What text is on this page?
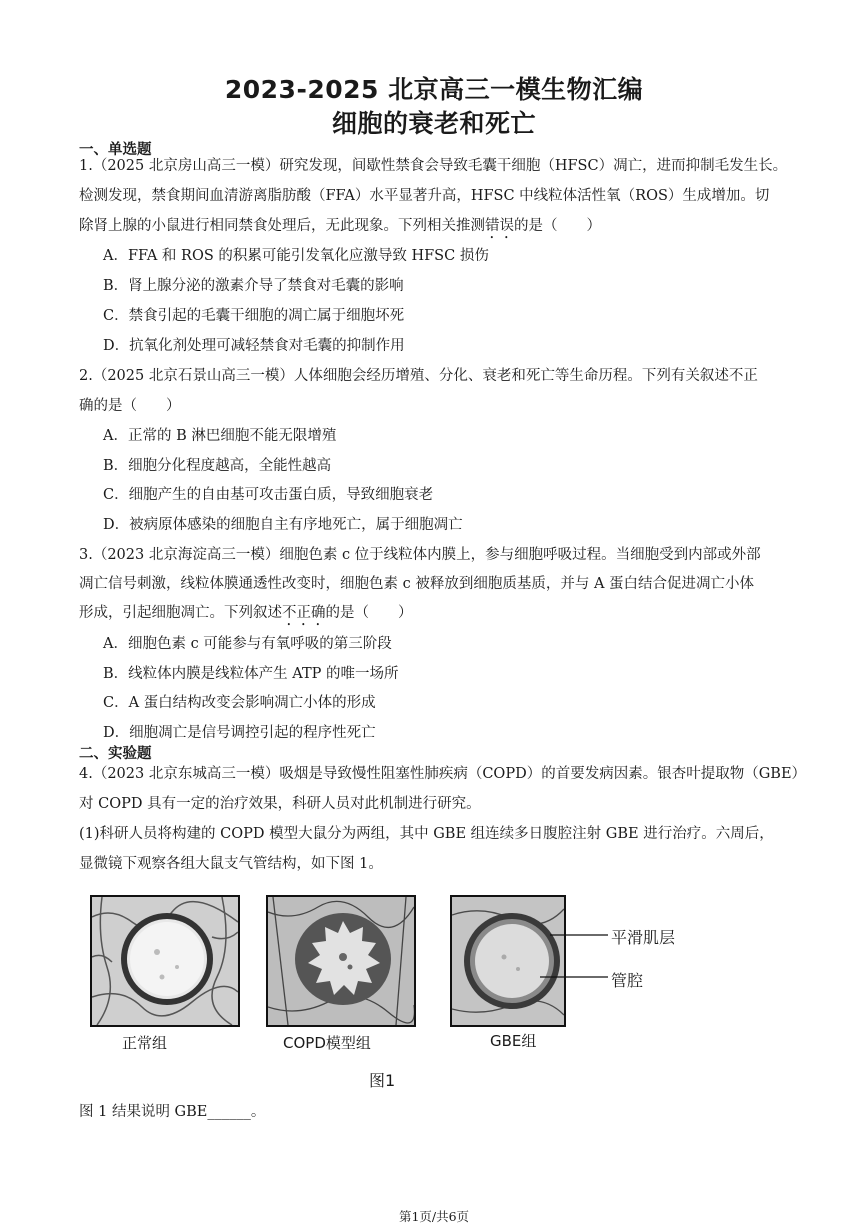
2023-2025 北京高三一模生物汇编
细胞的衰老和死亡
一、单选题
1.（2025 北京房山高三一模）研究发现，间歇性禁食会导致毛囊干细胞（HFSC）凋亡，进而抑制毛发生长。
检测发现，禁食期间血清游离脂肪酸（FFA）水平显著升高，HFSC 中线粒体活性氧（ROS）生成增加。切
除肾上腺的小鼠进行相同禁食处理后，无此现象。下列相关推测错误的是（　　）
A．FFA 和 ROS 的积累可能引发氧化应激导致 HFSC 损伤
B．肾上腺分泌的激素介导了禁食对毛囊的影响
C．禁食引起的毛囊干细胞的凋亡属于细胞坏死
D．抗氧化剂处理可减轻禁食对毛囊的抑制作用
2.（2025 北京石景山高三一模）人体细胞会经历增殖、分化、衰老和死亡等生命历程。下列有关叙述不正
确的是（　　）
A．正常的 B 淋巴细胞不能无限增殖
B．细胞分化程度越高，全能性越高
C．细胞产生的自由基可攻击蛋白质，导致细胞衰老
D．被病原体感染的细胞自主有序地死亡，属于细胞凋亡
3.（2023 北京海淀高三一模）细胞色素 c 位于线粒体内膜上，参与细胞呼吸过程。当细胞受到内部或外部
凋亡信号刺激，线粒体膜通透性改变时，细胞色素 c 被释放到细胞质基质，并与 A 蛋白结合促进凋亡小体
形成，引起细胞凋亡。下列叙述不正确的是（　　）
A．细胞色素 c 可能参与有氧呼吸的第三阶段
B．线粒体内膜是线粒体产生 ATP 的唯一场所
C．A 蛋白结构改变会影响凋亡小体的形成
D．细胞凋亡是信号调控引起的程序性死亡
二、实验题
4.（2023 北京东城高三一模）吸烟是导致慢性阻塞性肺疾病（COPD）的首要发病因素。银杏叶提取物（GBE）
对 COPD 具有一定的治疗效果，科研人员对此机制进行研究。
(1)科研人员将构建的 COPD 模型大鼠分为两组，其中 GBE 组连续多日腹腔注射 GBE 进行治疗。六周后，
显微镜下观察各组大鼠支气管结构，如下图 1。
平滑肌层
管腔
正常组	COPD模型组	GBE组
图1
图 1 结果说明 GBE______。
第1页/共6页
